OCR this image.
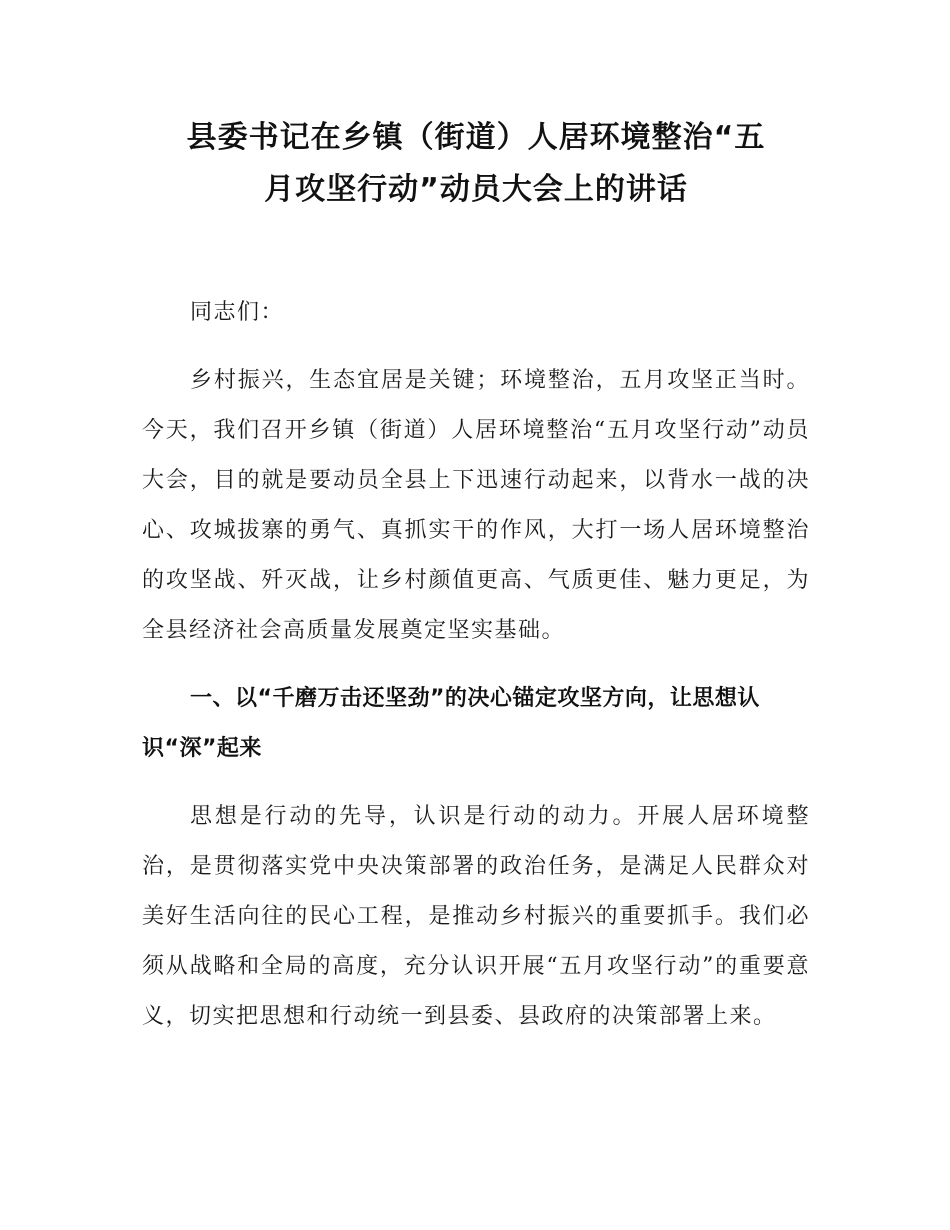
县委书记在乡镇（街道）人居环境整治“五
月攻坚行动”动员大会上的讲话

同志们：

乡村振兴，生态宜居是关键；环境整治，五月攻坚正当时。今天，我们召开乡镇（街道）人居环境整治“五月攻坚行动”动员大会，目的就是要动员全县上下迅速行动起来，以背水一战的决心、攻城拔寨的勇气、真抓实干的作风，大打一场人居环境整治的攻坚战、歼灭战，让乡村颜值更高、气质更佳、魅力更足，为全县经济社会高质量发展奠定坚实基础。

一、以“千磨万击还坚劲”的决心锚定攻坚方向，让思想认识“深”起来

思想是行动的先导，认识是行动的动力。开展人居环境整治，是贯彻落实党中央决策部署的政治任务，是满足人民群众对美好生活向往的民心工程，是推动乡村振兴的重要抓手。我们必须从战略和全局的高度，充分认识开展“五月攻坚行动”的重要意义，切实把思想和行动统一到县委、县政府的决策部署上来。
